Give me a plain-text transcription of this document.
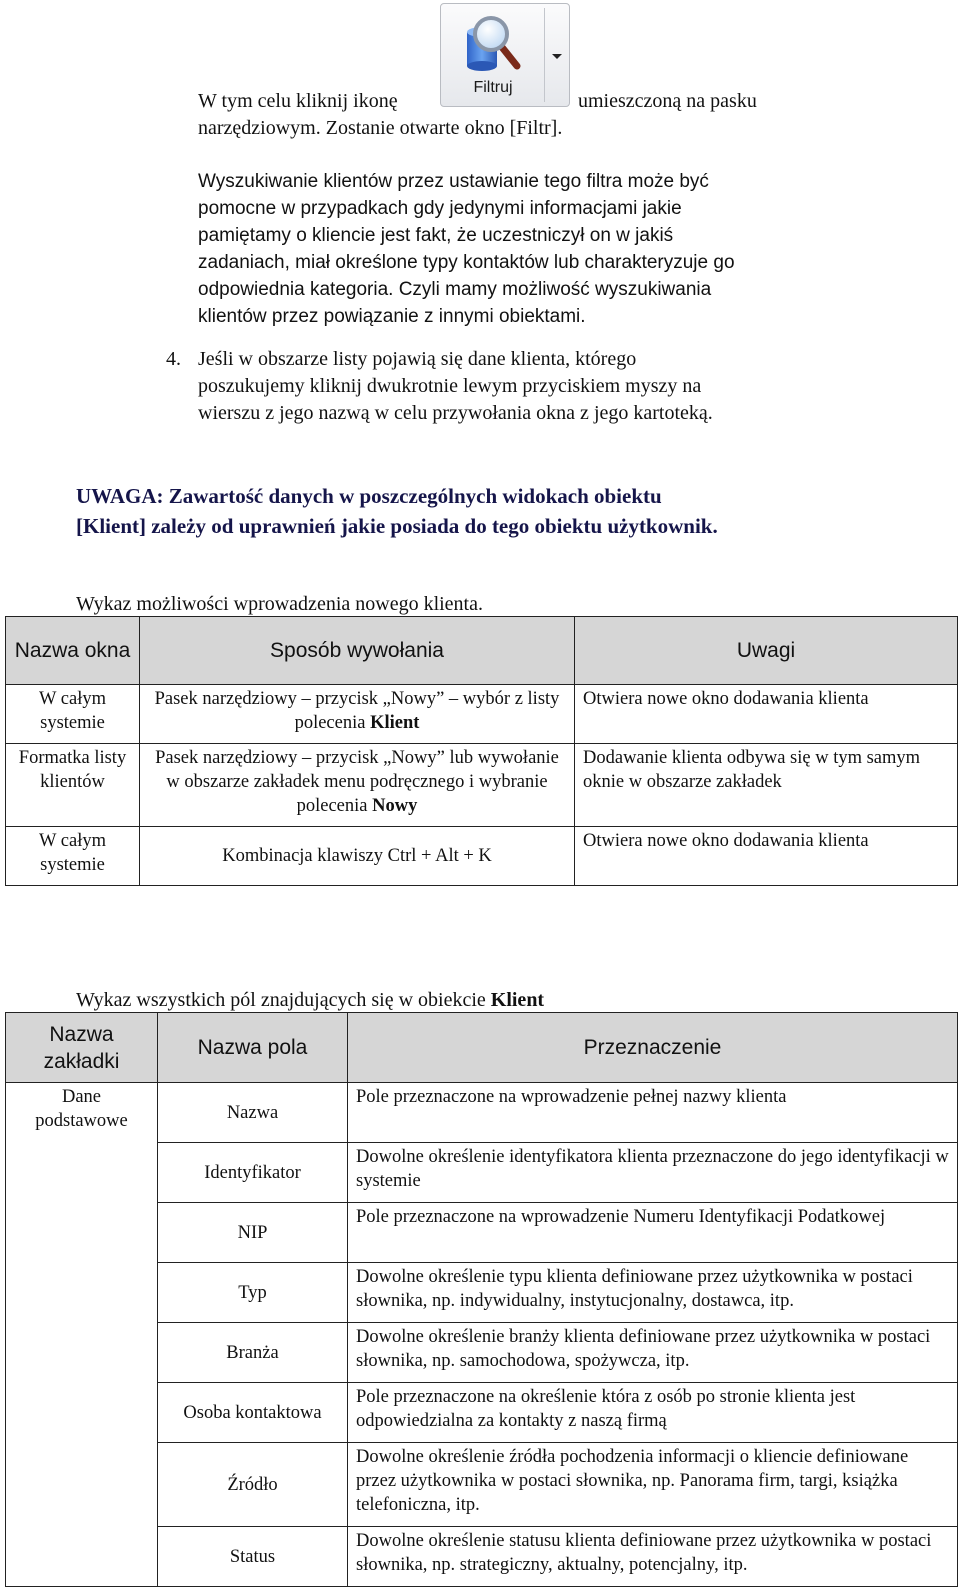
Filtruj

W tym celu kliknij ikonę	umieszczoną na pasku

narzędziowym. Zostanie otwarte okno [Filtr].

Wyszukiwanie klientów przez ustawianie tego filtra może być

pomocne w przypadkach gdy jedynymi informacjami jakie

pamiętamy o kliencie jest fakt, że uczestniczył on w jakiś

zadaniach, miał określone typy kontaktów lub charakteryzuje go

odpowiednia kategoria. Czyli mamy możliwość wyszukiwania

klientów przez powiązanie z innymi obiektami.

4. Jeśli w obszarze listy pojawią się dane klienta, którego

poszukujemy kliknij dwukrotnie lewym przyciskiem myszy na

wierszu z jego nazwą w celu przywołania okna z jego kartoteką.

UWAGA: Zawartość danych w poszczególnych widokach obiektu

[Klient] zależy od uprawnień jakie posiada do tego obiektu użytkownik.

Wykaz możliwości wprowadzenia nowego klienta.

Nazwa okna	Sposób wywołania	Uwagi
W całym systemie	Pasek narzędziowy – przycisk „Nowy” – wybór z listy polecenia Klient	Otwiera nowe okno dodawania klienta
Formatka listy klientów	Pasek narzędziowy – przycisk „Nowy” lub wywołanie w obszarze zakładek menu podręcznego i wybranie polecenia Nowy	Dodawanie klienta odbywa się w tym samym oknie w obszarze zakładek
W całym systemie	Kombinacja klawiszy Ctrl + Alt + K	Otwiera nowe okno dodawania klienta

Wykaz wszystkich pól znajdujących się w obiekcie Klient

Nazwa zakładki	Nazwa pola	Przeznaczenie
Dane podstawowe	Nazwa	Pole przeznaczone na wprowadzenie pełnej nazwy klienta
	Identyfikator	Dowolne określenie identyfikatora klienta przeznaczone do jego identyfikacji w systemie
	NIP	Pole przeznaczone na wprowadzenie Numeru Identyfikacji Podatkowej
	Typ	Dowolne określenie typu klienta definiowane przez użytkownika w postaci słownika, np. indywidualny, instytucjonalny, dostawca, itp.
	Branża	Dowolne określenie branży klienta definiowane przez użytkownika w postaci słownika, np. samochodowa, spożywcza, itp.
	Osoba kontaktowa	Pole przeznaczone na określenie która z osób po stronie klienta jest odpowiedzialna za kontakty z naszą firmą
	Źródło	Dowolne określenie źródła pochodzenia informacji o kliencie definiowane przez użytkownika w postaci słownika, np. Panorama firm, targi, książka telefoniczna, itp.
	Status	Dowolne określenie statusu klienta definiowane przez użytkownika w postaci słownika, np. strategiczny, aktualny, potencjalny, itp.
